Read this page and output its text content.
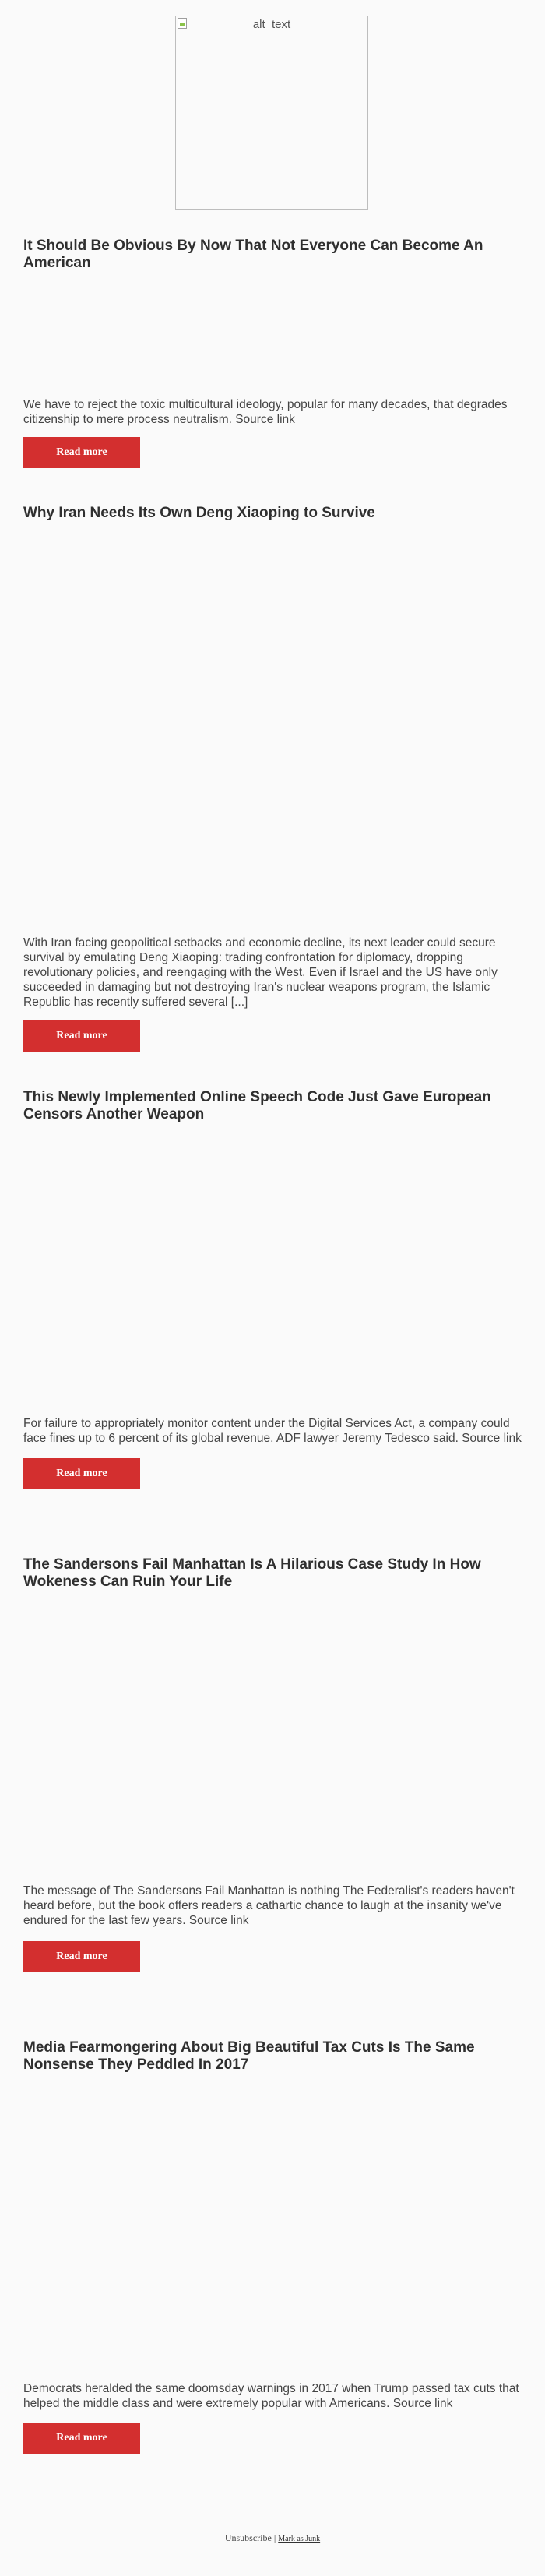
alt_text
It Should Be Obvious By Now That Not Everyone Can Become An American

We have to reject the toxic multicultural ideology, popular for many decades, that degrades citizenship to mere process neutralism. Source link

Read more
Why Iran Needs Its Own Deng Xiaoping to Survive

With Iran facing geopolitical setbacks and economic decline, its next leader could secure survival by emulating Deng Xiaoping: trading confrontation for diplomacy, dropping revolutionary policies, and reengaging with the West. Even if Israel and the US have only succeeded in damaging but not destroying Iran's nuclear weapons program, the Islamic Republic has recently suffered several [...]

Read more
This Newly Implemented Online Speech Code Just Gave European Censors Another Weapon

For failure to appropriately monitor content under the Digital Services Act, a company could face fines up to 6 percent of its global revenue, ADF lawyer Jeremy Tedesco said. Source link

Read more
The Sandersons Fail Manhattan Is A Hilarious Case Study In How Wokeness Can Ruin Your Life

The message of The Sandersons Fail Manhattan is nothing The Federalist's readers haven't heard before, but the book offers readers a cathartic chance to laugh at the insanity we've endured for the last few years. Source link

Read more
Media Fearmongering About Big Beautiful Tax Cuts Is The Same Nonsense They Peddled In 2017

Democrats heralded the same doomsday warnings in 2017 when Trump passed tax cuts that helped the middle class and were extremely popular with Americans. Source link

Read more
Unsubscribe | Mark as Junk
